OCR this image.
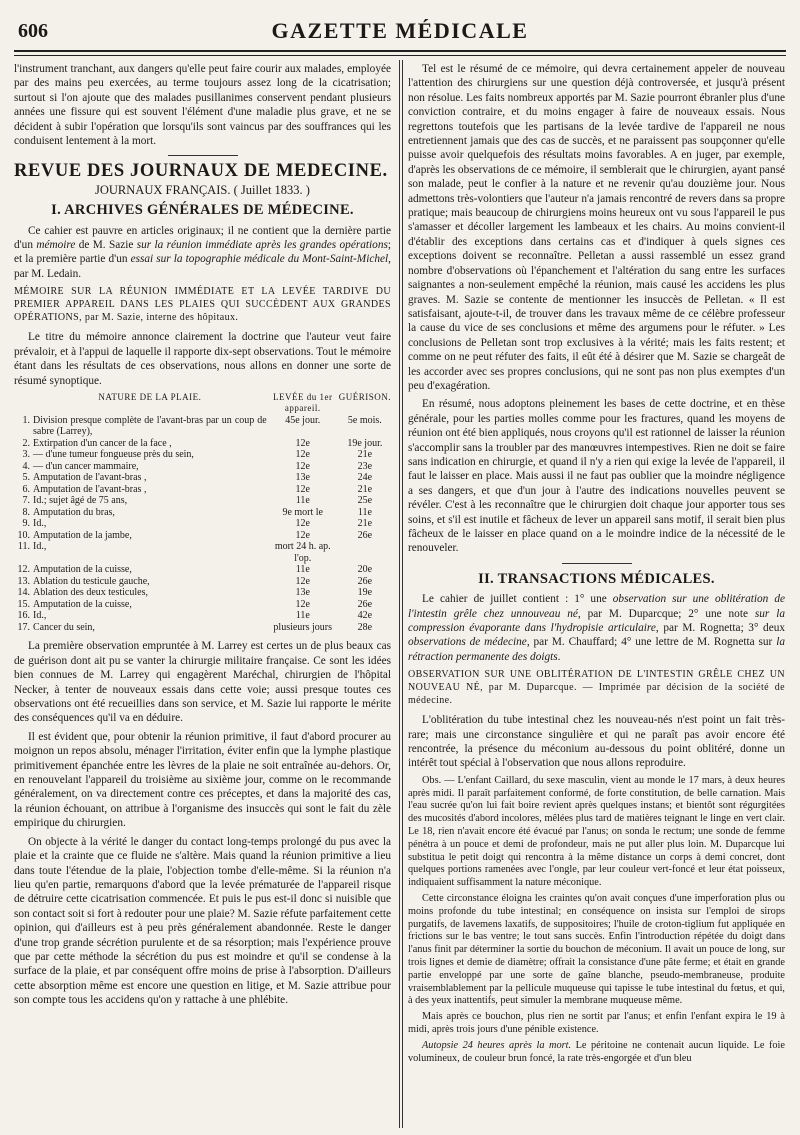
606	GAZETTE MÉDICALE

l'instrument tranchant, aux dangers qu'elle peut faire courir aux malades, employée par des mains peu exercées, au terme toujours assez long de la cicatrisation; surtout si l'on ajoute que des malades pusillanimes conservent pendant plusieurs années une fissure qui est souvent l'élément d'une maladie plus grave, et ne se décident à subir l'opération que lorsqu'ils sont vaincus par des souffrances qui les conduisent lentement à la mort.

REVUE DES JOURNAUX DE MEDECINE.
JOURNAUX FRANÇAIS. ( Juillet 1833. )
I. ARCHIVES GÉNÉRALES DE MÉDECINE.

Ce cahier est pauvre en articles originaux; il ne contient que la dernière partie d'un mémoire de M. Sazie sur la réunion immédiate après les grandes opérations; et la première partie d'un essai sur la topographie médicale du Mont-Saint-Michel, par M. Ledain.

MÉMOIRE SUR LA RÉUNION IMMÉDIATE ET LA LEVÉE TARDIVE DU PREMIER APPAREIL DANS LES PLAIES QUI SUCCÈDENT AUX GRANDES OPÉRATIONS, par M. Sazie, interne des hôpitaux.

Le titre du mémoire annonce clairement la doctrine que l'auteur veut faire prévaloir, et à l'appui de laquelle il rapporte dix-sept observations. Tout le mémoire étant dans les résultats de ces observations, nous allons en donner une sorte de résumé synoptique.

	NATURE DE LA PLAIE.	LEVÉE du 1er appareil.	GUÉRISON.
1.	Division presque complète de l'avant-bras par un coup de sabre (Larrey),	45e jour.	5e mois.
2.	Extirpation d'un cancer de la face ,	12e	19e jour.
3.	— d'une tumeur fongueuse près du sein,	12e	21e
4.	— d'un cancer mammaire,	12e	23e
5.	Amputation de l'avant-bras ,	13e	24e
6.	Amputation de l'avant-bras ,	12e	21e
7.	Id.; sujet âgé de 75 ans,	11e	25e
8.	Amputation du bras,	9e mort le	11e
9.	Id.,	12e	21e
10.	Amputation de la jambe,	12e	26e
11.	Id.,	mort 24 h. ap. l'op.	
12.	Amputation de la cuisse,	11e	20e
13.	Ablation du testicule gauche,	12e	26e
14.	Ablation des deux testicules,	13e	19e
15.	Amputation de la cuisse,	12e	26e
16.	Id.,	11e	42e
17.	Cancer du sein,	plusieurs jours	28e

La première observation empruntée à M. Larrey est certes un de plus beaux cas de guérison dont ait pu se vanter la chirurgie militaire française. Ce sont les idées bien connues de M. Larrey qui engagèrent Maréchal, chirurgien de l'hôpital Necker, à tenter de nouveaux essais dans cette voie; aussi presque toutes ces observations ont été recueillies dans son service, et M. Sazie lui rapporte le mérite des conséquences qu'il va en déduire.

Il est évident que, pour obtenir la réunion primitive, il faut d'abord procurer au moignon un repos absolu, ménager l'irritation, éviter enfin que la lymphe plastique primitivement épanchée entre les lèvres de la plaie ne soit entraînée au-dehors. Or, en renouvelant l'appareil du troisième au sixième jour, comme on le recommande généralement, on va directement contre ces préceptes, et dans la majorité des cas, la réunion échouant, on attribue à l'organisme des insuccès qui sont le fait du zèle empirique du chirurgien.

On objecte à la vérité le danger du contact long-temps prolongé du pus avec la plaie et la crainte que ce fluide ne s'altère. Mais quand la réunion primitive a lieu dans toute l'étendue de la plaie, l'objection tombe d'elle-même. Si la réunion n'a lieu qu'en partie, remarquons d'abord que la levée prématurée de l'appareil risque de détruire cette cicatrisation commencée. Et puis le pus est-il donc si nuisible que son contact soit si fort à redouter pour une plaie? M. Sazie réfute parfaitement cette opinion, qui d'ailleurs est à peu près généralement abandonnée. Reste le danger d'une trop grande sécrétion purulente et de sa résorption; mais l'expérience prouve que par cette méthode la sécrétion du pus est moindre et qu'il se condense à la surface de la plaie, et par conséquent offre moins de prise à l'absorption. D'ailleurs cette absorption même est encore une question en litige, et M. Sazie attribue pour son compte tous les accidens qu'on y rattache à une phlébite.

Tel est le résumé de ce mémoire, qui devra certainement appeler de nouveau l'attention des chirurgiens sur une question déjà controversée, et jusqu'à présent non résolue. Les faits nombreux apportés par M. Sazie pourront ébranler plus d'une conviction contraire, et du moins engager à faire de nouveaux essais. Nous regrettons toutefois que les partisans de la levée tardive de l'appareil ne nous entretiennent jamais que des cas de succès, et ne paraissent pas soupçonner qu'elle puisse avoir quelquefois des résultats moins favorables. A en juger, par exemple, d'après les observations de ce mémoire, il semblerait que le chirurgien, ayant pansé son malade, peut le confier à la nature et ne revenir qu'au douzième jour. Nous admettons très-volontiers que l'auteur n'a jamais rencontré de revers dans sa propre pratique; mais beaucoup de chirurgiens moins heureux ont vu sous l'appareil le pus s'amasser et décoller largement les lambeaux et les chairs. Au moins convient-il d'établir des exceptions dans certains cas et d'indiquer à quels signes ces exceptions doivent se reconnaître. Pelletan a aussi rassemblé un essez grand nombre d'observations où l'épanchement et l'altération du sang entre les surfaces saignantes a non-seulement empêché la réunion, mais causé les accidens les plus graves. M. Sazie se contente de mentionner les insuccès de Pelletan. « Il est satisfaisant, ajoute-t-il, de trouver dans les travaux même de ce célèbre professeur la cause du vice de ses conclusions et même des argumens pour le réfuter. » Les conclusions de Pelletan sont trop exclusives à la vérité; mais les faits restent; et comme on ne peut réfuter des faits, il eût été à désirer que M. Sazie se chargeât de les accorder avec ses propres conclusions, qui ne sont pas non plus exemptes d'un peu d'exagération.

En résumé, nous adoptons pleinement les bases de cette doctrine, et en thèse générale, pour les parties molles comme pour les fractures, quand les moyens de réunion ont été bien appliqués, nous croyons qu'il est rationnel de laisser la réunion s'accomplir sans la troubler par des manœuvres intempestives. Rien ne doit se faire sans indication en chirurgie, et quand il n'y a rien qui exige la levée de l'appareil, il faut le laisser en place. Mais aussi il ne faut pas oublier que la moindre négligence a ses dangers, et que d'un jour à l'autre des indications nouvelles peuvent se révéler. C'est à les reconnaître que le chirurgien doit chaque jour apporter tous ses soins, et s'il est inutile et fâcheux de lever un appareil sans motif, il serait bien plus fâcheux de le laisser en place quand on a le moindre indice de la nécessité de le renouveler.

II. TRANSACTIONS MÉDICALES.

Le cahier de juillet contient : 1° une observation sur une oblitération de l'intestin grêle chez unnouveau né, par M. Duparcque; 2° une note sur la compression évaporante dans l'hydropisie articulaire, par M. Rognetta; 3° deux observations de médecine, par M. Chauffard; 4° une lettre de M. Rognetta sur la rétraction permanente des doigts.

OBSERVATION SUR UNE OBLITÉRATION DE L'INTESTIN GRÊLE CHEZ UN NOUVEAU NÉ, par M. Duparcque. — Imprimée par décision de la société de médecine.

L'oblitération du tube intestinal chez les nouveau-nés n'est point un fait très-rare; mais une circonstance singulière et qui ne paraît pas avoir encore été rencontrée, la présence du méconium au-dessous du point oblitéré, donne un intérêt tout spécial à l'observation que nous allons reproduire.

Obs. — L'enfant Caillard, du sexe masculin, vient au monde le 17 mars, à deux heures après midi. Il paraît parfaitement conformé, de forte constitution, de belle carnation. Mais l'eau sucrée qu'on lui fait boire revient après quelques instans; et bientôt sont régurgitées des mucosités d'abord incolores, mêlées plus tard de matières teignant le linge en vert clair. Le 18, rien n'avait encore été évacué par l'anus; on sonda le rectum; une sonde de femme pénétra à un pouce et demi de profondeur, mais ne put aller plus loin. M. Duparcque lui substitua le petit doigt qui rencontra à la même distance un corps à demi concret, dont quelques portions ramenées avec l'ongle, par leur couleur vert-foncé et leur état poisseux, indiquaient suffisamment la nature méconique.

Cette circonstance éloigna les craintes qu'on avait conçues d'une imperforation plus ou moins profonde du tube intestinal; en conséquence on insista sur l'emploi de sirops purgatifs, de lavemens laxatifs, de suppositoires; l'huile de croton-tiglium fut appliquée en frictions sur le bas ventre; le tout sans succès. Enfin l'introduction répétée du doigt dans l'anus finit par déterminer la sortie du bouchon de méconium. Il avait un pouce de long, sur trois lignes et demie de diamètre; offrait la consistance d'une pâte ferme; et était en grande partie enveloppé par une sorte de gaîne blanche, pseudo-membraneuse, produite vraisemblablement par la pellicule muqueuse qui tapisse le tube intestinal du fœtus, et qui, à des yeux inattentifs, peut simuler la membrane muqueuse même.

Mais après ce bouchon, plus rien ne sortit par l'anus; et enfin l'enfant expira le 19 à midi, après trois jours d'une pénible existence.

Autopsie 24 heures après la mort. Le péritoine ne contenait aucun liquide. Le foie volumineux, de couleur brun foncé, la rate très-engorgée et d'un bleu
